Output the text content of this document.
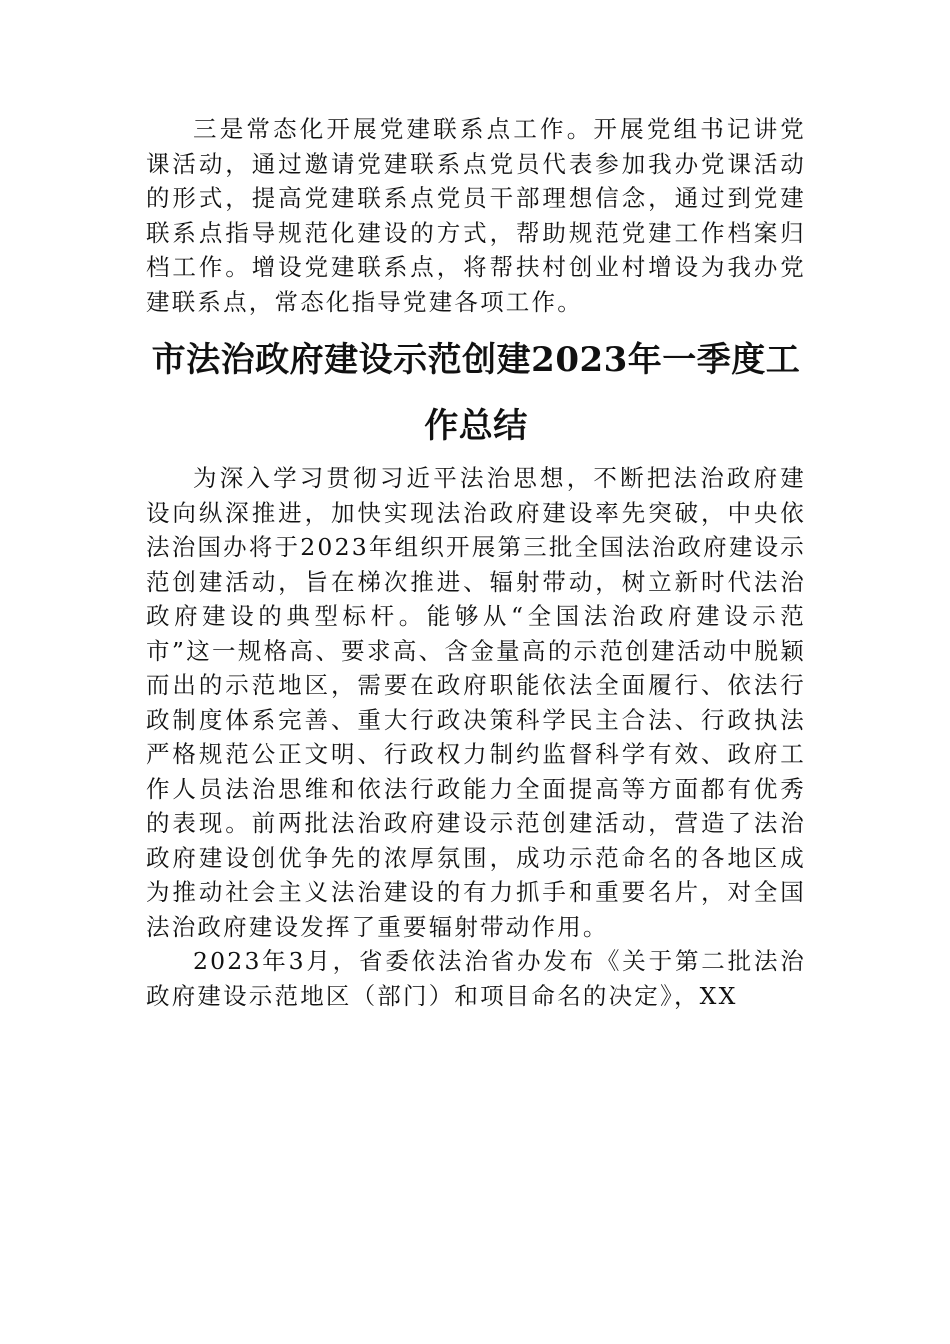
三是常态化开展党建联系点工作。开展党组书记讲党课活动，通过邀请党建联系点党员代表参加我办党课活动的形式，提高党建联系点党员干部理想信念，通过到党建联系点指导规范化建设的方式，帮助规范党建工作档案归档工作。增设党建联系点，将帮扶村创业村增设为我办党建联系点，常态化指导党建各项工作。

市法治政府建设示范创建2023年一季度工作总结

为深入学习贯彻习近平法治思想，不断把法治政府建设向纵深推进，加快实现法治政府建设率先突破，中央依法治国办将于2023年组织开展第三批全国法治政府建设示范创建活动，旨在梯次推进、辐射带动，树立新时代法治政府建设的典型标杆。能够从“全国法治政府建设示范市”这一规格高、要求高、含金量高的示范创建活动中脱颖而出的示范地区，需要在政府职能依法全面履行、依法行政制度体系完善、重大行政决策科学民主合法、行政执法严格规范公正文明、行政权力制约监督科学有效、政府工作人员法治思维和依法行政能力全面提高等方面都有优秀的表现。前两批法治政府建设示范创建活动，营造了法治政府建设创优争先的浓厚氛围，成功示范命名的各地区成为推动社会主义法治建设的有力抓手和重要名片，对全国法治政府建设发挥了重要辐射带动作用。

2023年3月，省委依法治省办发布《关于第二批法治政府建设示范地区（部门）和项目命名的决定》，XX
